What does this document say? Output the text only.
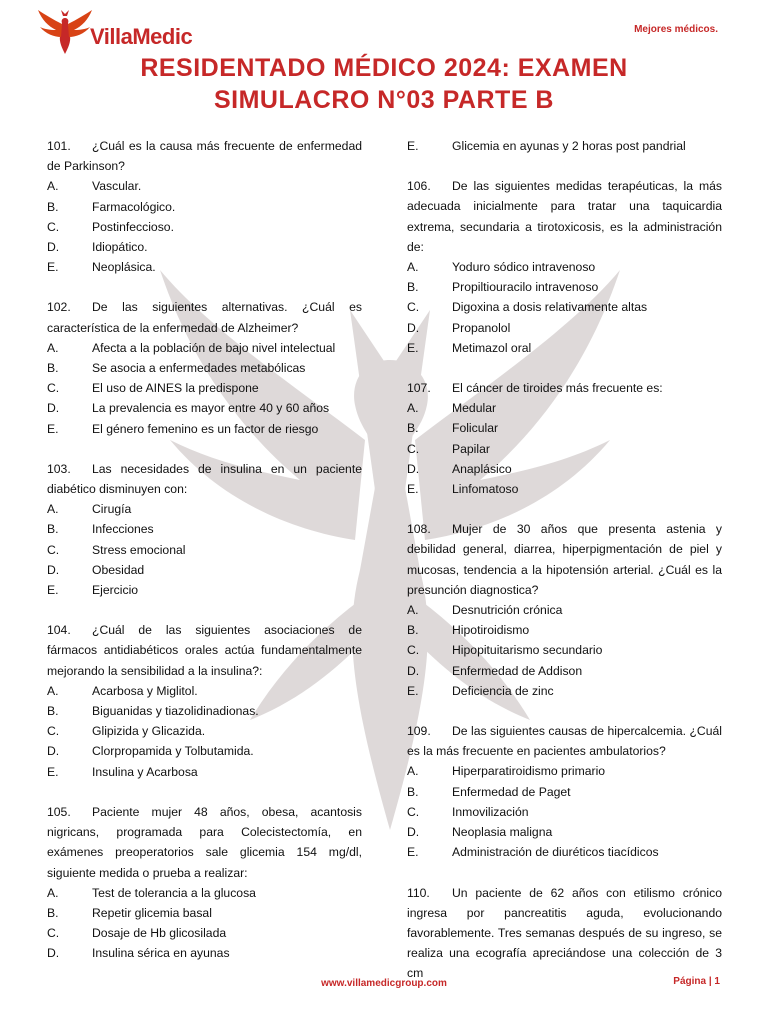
VillaMedic	Mejores médicos.
RESIDENTADO MÉDICO 2024: EXAMEN
SIMULACRO N°03 PARTE B
101. ¿Cuál es la causa más frecuente de enfermedad de Parkinson?
A.	Vascular.
B.	Farmacológico.
C.	Postinfeccioso.
D.	Idiopático.
E.	Neoplásica.
102. De las siguientes alternativas. ¿Cuál es característica de la enfermedad de Alzheimer?
A.	Afecta a la población de bajo nivel intelectual
B.	Se asocia a enfermedades metabólicas
C.	El uso de AINES la predispone
D.	La prevalencia es mayor entre 40 y 60 años
E.	El género femenino es un factor de riesgo
103. Las necesidades de insulina en un paciente diabético disminuyen con:
A.	Cirugía
B.	Infecciones
C.	Stress emocional
D.	Obesidad
E.	Ejercicio
104. ¿Cuál de las siguientes asociaciones de fármacos antidiabéticos orales actúa fundamentalmente mejorando la sensibilidad a la insulina?:
A.	Acarbosa y Miglitol.
B.	Biguanidas y tiazolidinadionas.
C.	Glipizida y Glicazida.
D.	Clorpropamida y Tolbutamida.
E.	Insulina y Acarbosa
105. Paciente mujer 48 años, obesa, acantosis nigricans, programada para Colecistectomía, en exámenes preoperatorios sale glicemia 154 mg/dl, siguiente medida o prueba a realizar:
A.	Test de tolerancia a la glucosa
B.	Repetir glicemia basal
C.	Dosaje de Hb glicosilada
D.	Insulina sérica en ayunas
E.	Glicemia en ayunas y 2 horas post pandrial
106. De las siguientes medidas terapéuticas, la más adecuada inicialmente para tratar una taquicardia extrema, secundaria a tirotoxicosis, es la administración de:
A.	Yoduro sódico intravenoso
B.	Propiltiouracilo intravenoso
C.	Digoxina a dosis relativamente altas
D.	Propanolol
E.	Metimazol oral
107. El cáncer de tiroides más frecuente es:
A.	Medular
B.	Folicular
C.	Papilar
D.	Anaplásico
E.	Linfomatoso
108. Mujer de 30 años que presenta astenia y debilidad general, diarrea, hiperpigmentación de piel y mucosas, tendencia a la hipotensión arterial. ¿Cuál es la presunción diagnostica?
A.	Desnutrición crónica
B.	Hipotiroidismo
C.	Hipopituitarismo secundario
D.	Enfermedad de Addison
E.	Deficiencia de zinc
109. De las siguientes causas de hipercalcemia. ¿Cuál es la más frecuente en pacientes ambulatorios?
A.	Hiperparatiroidismo primario
B.	Enfermedad de Paget
C.	Inmovilización
D.	Neoplasia maligna
E.	Administración de diuréticos tiacídicos
110. Un paciente de 62 años con etilismo crónico ingresa por pancreatitis aguda, evolucionando favorablemente. Tres semanas después de su ingreso, se realiza una ecografía apreciándose una colección de 3 cm
www.villamedicgroup.com	Página | 1
